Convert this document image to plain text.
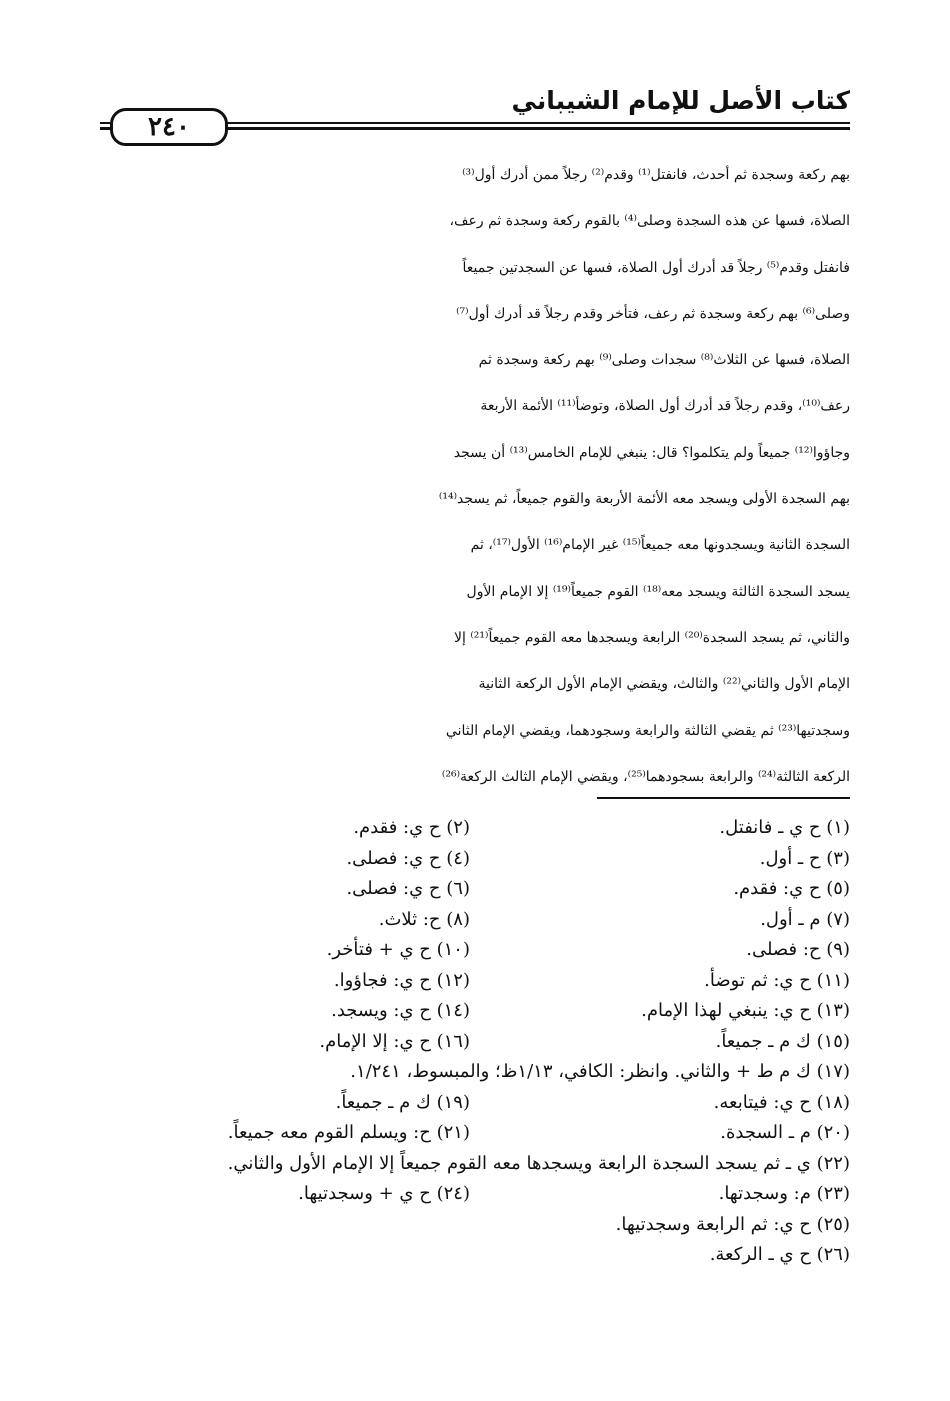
كتاب الأصل للإمام الشيباني
٢٤٠
بهم ركعة وسجدة ثم أحدث، فانفتل⁽¹⁾ وقدم⁽²⁾ رجلاً ممن أدرك أول⁽³⁾
الصلاة، فسها عن هذه السجدة وصلى⁽⁴⁾ بالقوم ركعة وسجدة ثم رعف،
فانفتل وقدم⁽⁵⁾ رجلاً قد أدرك أول الصلاة، فسها عن السجدتين جميعاً
وصلى⁽⁶⁾ بهم ركعة وسجدة ثم رعف، فتأخر وقدم رجلاً قد أدرك أول⁽⁷⁾
الصلاة، فسها عن الثلاث⁽⁸⁾ سجدات وصلى⁽⁹⁾ بهم ركعة وسجدة ثم
رعف⁽¹⁰⁾، وقدم رجلاً قد أدرك أول الصلاة، وتوضأ⁽¹¹⁾ الأئمة الأربعة
وجاؤوا⁽¹²⁾ جميعاً ولم يتكلموا؟ قال: ينبغي للإمام الخامس⁽¹³⁾ أن يسجد
بهم السجدة الأولى ويسجد معه الأئمة الأربعة والقوم جميعاً، ثم يسجد⁽¹⁴⁾
السجدة الثانية ويسجدونها معه جميعاً⁽¹⁵⁾ غير الإمام⁽¹⁶⁾ الأول⁽¹⁷⁾، ثم
يسجد السجدة الثالثة ويسجد معه⁽¹⁸⁾ القوم جميعاً⁽¹⁹⁾ إلا الإمام الأول
والثاني، ثم يسجد السجدة⁽²⁰⁾ الرابعة ويسجدها معه القوم جميعاً⁽²¹⁾ إلا
الإمام الأول والثاني⁽²²⁾ والثالث، ويقضي الإمام الأول الركعة الثانية
وسجدتيها⁽²³⁾ ثم يقضي الثالثة والرابعة وسجودهما، ويقضي الإمام الثاني
الركعة الثالثة⁽²⁴⁾ والرابعة بسجودهما⁽²⁵⁾، ويقضي الإمام الثالث الركعة⁽²⁶⁾
(١) ح ي ـ فانفتل.
(٢) ح ي: فقدم.
(٣) ح ـ أول.
(٤) ح ي: فصلى.
(٥) ح ي: فقدم.
(٦) ح ي: فصلى.
(٧) م ـ أول.
(٨) ح: ثلاث.
(٩) ح: فصلى.
(١٠) ح ي + فتأخر.
(١١) ح ي: ثم توضأ.
(١٢) ح ي: فجاؤوا.
(١٣) ح ي: ينبغي لهذا الإمام.
(١٤) ح ي: ويسجد.
(١٥) ك م ـ جميعاً.
(١٦) ح ي: إلا الإمام.
(١٧) ك م ط + والثاني. وانظر: الكافي، ١/١٣ظ؛ والمبسوط، ١/٢٤١.
(١٨) ح ي: فيتابعه.
(١٩) ك م ـ جميعاً.
(٢٠) م ـ السجدة.
(٢١) ح: ويسلم القوم معه جميعاً.
(٢٢) ي ـ ثم يسجد السجدة الرابعة ويسجدها معه القوم جميعاً إلا الإمام الأول والثاني.
(٢٣) م: وسجدتها.
(٢٤) ح ي + وسجدتيها.
(٢٥) ح ي: ثم الرابعة وسجدتيها.
(٢٦) ح ي ـ الركعة.
